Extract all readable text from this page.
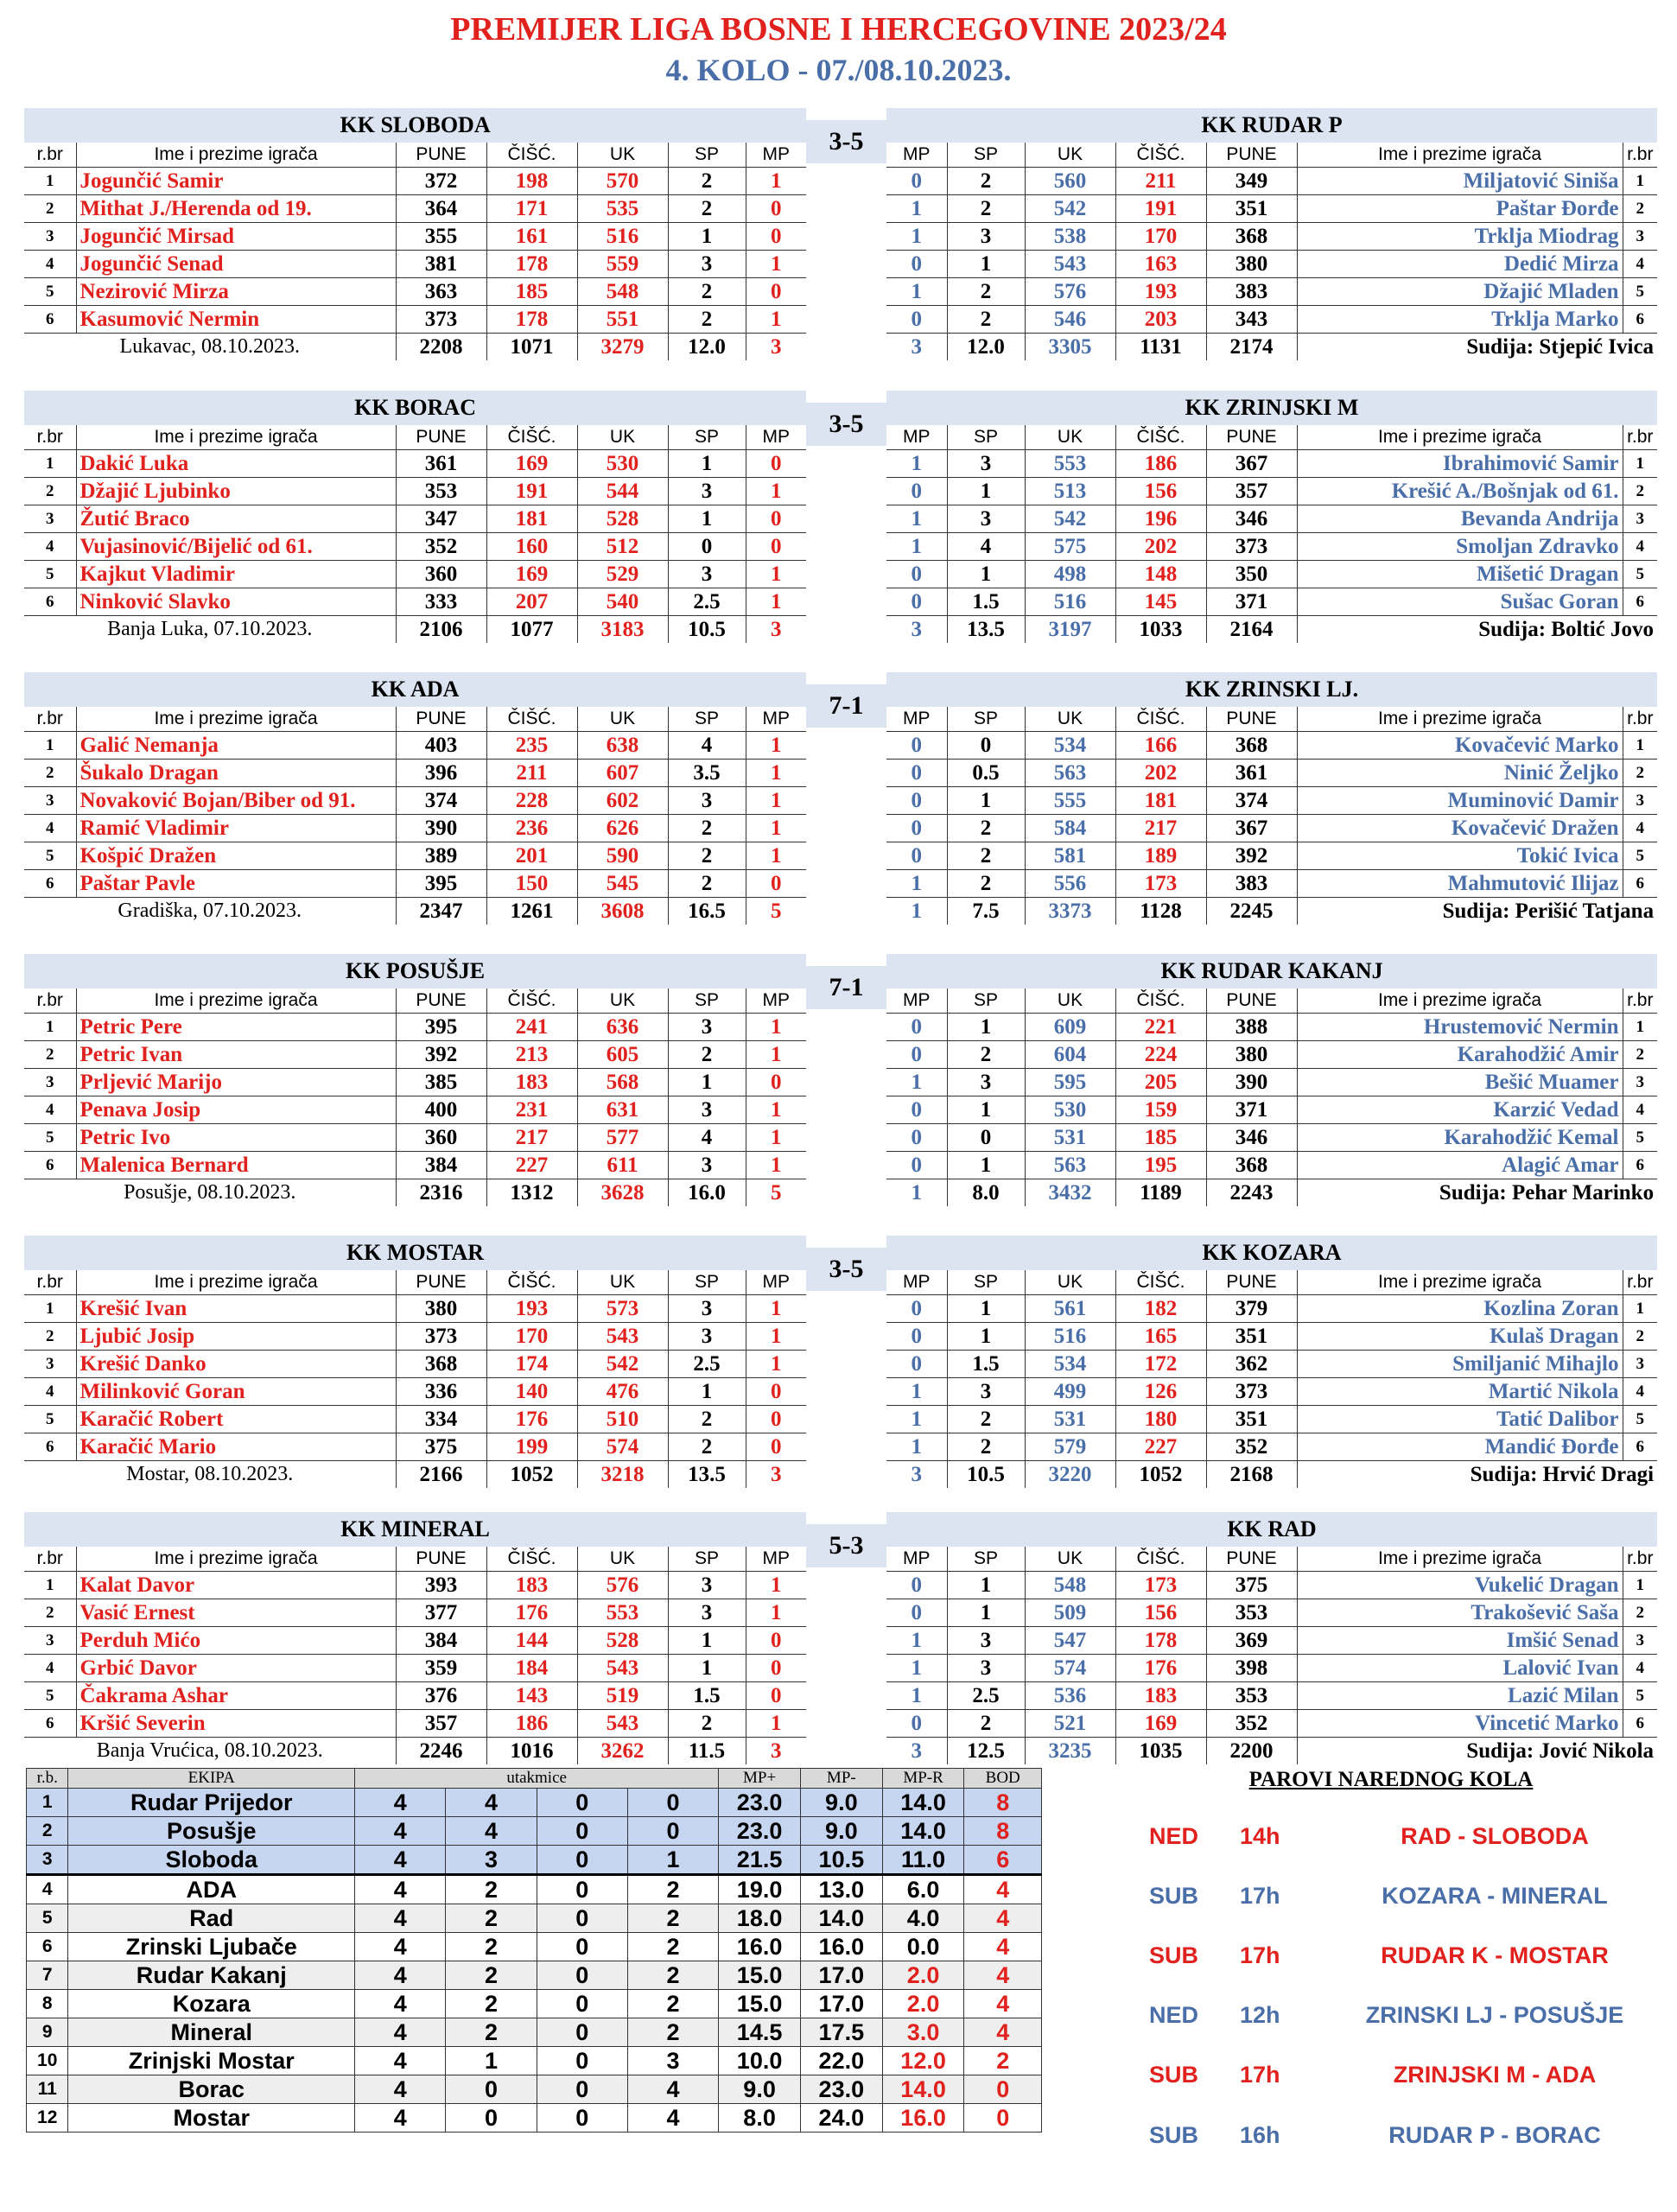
PREMIJER LIGA BOSNE I HERCEGOVINE 2023/24
4. KOLO - 07./08.10.2023.
KK SLOBODA						
r.br	Ime i prezime igrača	PUNE	ČIŠĆ.	UK	SP	MP
1	Jogunčić Samir	372	198	570	2	1
2	Mithat J./Herenda od 19.	364	171	535	2	0
3	Jogunčić Mirsad	355	161	516	1	0
4	Jogunčić Senad	381	178	559	3	1
5	Nezirović Mirza	363	185	548	2	0
6	Kasumović Nermin	373	178	551	2	1
Lukavac, 08.10.2023.		2208	1071	3279	12.0	3
3-5
KK RUDAR P						
MP	SP	UK	ČIŠĆ.	PUNE	Ime i prezime igrača	r.br
0	2	560	211	349	Miljatović Siniša	1
1	2	542	191	351	Paštar Đorđe	2
1	3	538	170	368	Trklja Miodrag	3
0	1	543	163	380	Dedić Mirza	4
1	2	576	193	383	Džajić Mladen	5
0	2	546	203	343	Trklja Marko	6
3	12.0	3305	1131	2174	Sudija: Stjepić Ivica	
KK BORAC						
r.br	Ime i prezime igrača	PUNE	ČIŠĆ.	UK	SP	MP
1	Dakić Luka	361	169	530	1	0
2	Džajić Ljubinko	353	191	544	3	1
3	Žutić Braco	347	181	528	1	0
4	Vujasinović/Bijelić od 61.	352	160	512	0	0
5	Kajkut Vladimir	360	169	529	3	1
6	Ninković Slavko	333	207	540	2.5	1
Banja Luka, 07.10.2023.		2106	1077	3183	10.5	3
3-5
KK ZRINJSKI M						
MP	SP	UK	ČIŠĆ.	PUNE	Ime i prezime igrača	r.br
1	3	553	186	367	Ibrahimović Samir	1
0	1	513	156	357	Krešić A./Bošnjak od 61.	2
1	3	542	196	346	Bevanda Andrija	3
1	4	575	202	373	Smoljan Zdravko	4
0	1	498	148	350	Mišetić Dragan	5
0	1.5	516	145	371	Sušac Goran	6
3	13.5	3197	1033	2164	Sudija: Boltić Jovo	
KK ADA						
r.br	Ime i prezime igrača	PUNE	ČIŠĆ.	UK	SP	MP
1	Galić Nemanja	403	235	638	4	1
2	Šukalo Dragan	396	211	607	3.5	1
3	Novaković Bojan/Biber od 91.	374	228	602	3	1
4	Ramić Vladimir	390	236	626	2	1
5	Košpić Dražen	389	201	590	2	1
6	Paštar Pavle	395	150	545	2	0
Gradiška, 07.10.2023.		2347	1261	3608	16.5	5
7-1
KK ZRINSKI LJ.						
MP	SP	UK	ČIŠĆ.	PUNE	Ime i prezime igrača	r.br
0	0	534	166	368	Kovačević Marko	1
0	0.5	563	202	361	Ninić Željko	2
0	1	555	181	374	Muminović Damir	3
0	2	584	217	367	Kovačević Dražen	4
0	2	581	189	392	Tokić Ivica	5
1	2	556	173	383	Mahmutović Ilijaz	6
1	7.5	3373	1128	2245	Sudija: Perišić Tatjana	
KK POSUŠJE						
r.br	Ime i prezime igrača	PUNE	ČIŠĆ.	UK	SP	MP
1	Petric Pere	395	241	636	3	1
2	Petric Ivan	392	213	605	2	1
3	Prljević Marijo	385	183	568	1	0
4	Penava Josip	400	231	631	3	1
5	Petric Ivo	360	217	577	4	1
6	Malenica Bernard	384	227	611	3	1
Posušje, 08.10.2023.		2316	1312	3628	16.0	5
7-1
KK RUDAR KAKANJ						
MP	SP	UK	ČIŠĆ.	PUNE	Ime i prezime igrača	r.br
0	1	609	221	388	Hrustemović Nermin	1
0	2	604	224	380	Karahodžić Amir	2
1	3	595	205	390	Bešić Muamer	3
0	1	530	159	371	Karzić Vedad	4
0	0	531	185	346	Karahodžić Kemal	5
0	1	563	195	368	Alagić Amar	6
1	8.0	3432	1189	2243	Sudija: Pehar Marinko	
KK MOSTAR						
r.br	Ime i prezime igrača	PUNE	ČIŠĆ.	UK	SP	MP
1	Krešić Ivan	380	193	573	3	1
2	Ljubić Josip	373	170	543	3	1
3	Krešić Danko	368	174	542	2.5	1
4	Milinković Goran	336	140	476	1	0
5	Karačić Robert	334	176	510	2	0
6	Karačić Mario	375	199	574	2	0
Mostar, 08.10.2023.		2166	1052	3218	13.5	3
3-5
KK KOZARA						
MP	SP	UK	ČIŠĆ.	PUNE	Ime i prezime igrača	r.br
0	1	561	182	379	Kozlina Zoran	1
0	1	516	165	351	Kulaš Dragan	2
0	1.5	534	172	362	Smiljanić Mihajlo	3
1	3	499	126	373	Martić Nikola	4
1	2	531	180	351	Tatić Dalibor	5
1	2	579	227	352	Mandić Đorđe	6
3	10.5	3220	1052	2168	Sudija: Hrvić Dragi	
KK MINERAL						
r.br	Ime i prezime igrača	PUNE	ČIŠĆ.	UK	SP	MP
1	Kalat Davor	393	183	576	3	1
2	Vasić Ernest	377	176	553	3	1
3	Perduh Mićo	384	144	528	1	0
4	Grbić Davor	359	184	543	1	0
5	Čakrama Ashar	376	143	519	1.5	0
6	Kršić Severin	357	186	543	2	1
Banja Vrućica, 08.10.2023.		2246	1016	3262	11.5	3
5-3
KK RAD						
MP	SP	UK	ČIŠĆ.	PUNE	Ime i prezime igrača	r.br
0	1	548	173	375	Vukelić Dragan	1
0	1	509	156	353	Trakošević Saša	2
1	3	547	178	369	Imšić Senad	3
1	3	574	176	398	Lalović Ivan	4
1	2.5	536	183	353	Lazić Milan	5
0	2	521	169	352	Vincetić Marko	6
3	12.5	3235	1035	2200	Sudija: Jović Nikola	
r.b.	EKIPA	utakmice				MP+	MP-	MP-R	BOD
1	Rudar Prijedor	4	4	0	0	23.0	9.0	14.0	8
2	Posušje	4	4	0	0	23.0	9.0	14.0	8
3	Sloboda	4	3	0	1	21.5	10.5	11.0	6
4	ADA	4	2	0	2	19.0	13.0	6.0	4
5	Rad	4	2	0	2	18.0	14.0	4.0	4
6	Zrinski Ljubače	4	2	0	2	16.0	16.0	0.0	4
7	Rudar Kakanj	4	2	0	2	15.0	17.0	2.0	4
8	Kozara	4	2	0	2	15.0	17.0	2.0	4
9	Mineral	4	2	0	2	14.5	17.5	3.0	4
10	Zrinjski Mostar	4	1	0	3	10.0	22.0	12.0	2
11	Borac	4	0	0	4	9.0	23.0	14.0	0
12	Mostar	4	0	0	4	8.0	24.0	16.0	0
PAROVI NAREDNOG KOLA
NED 14h	RAD - SLOBODA
SUB 17h	KOZARA - MINERAL
SUB 17h	RUDAR K - MOSTAR
NED 12h	ZRINSKI LJ - POSUŠJE
SUB 17h	ZRINJSKI M - ADA
SUB 16h	RUDAR P - BORAC
